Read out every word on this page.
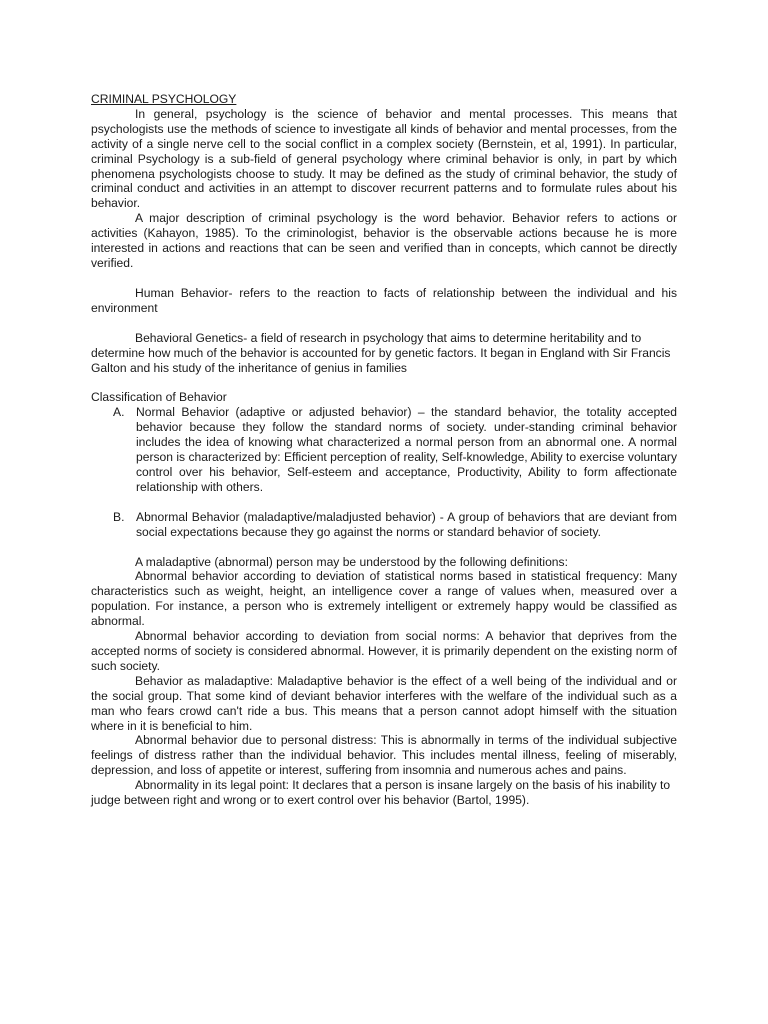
CRIMINAL PSYCHOLOGY

In general, psychology is the science of behavior and mental processes. This means that psychologists use the methods of science to investigate all kinds of behavior and mental processes, from the activity of a single nerve cell to the social conflict in a complex society (Bernstein, et al, 1991). In particular, criminal Psychology is a sub-field of general psychology where criminal behavior is only, in part by which phenomena psychologists choose to study. It may be defined as the study of criminal behavior, the study of criminal conduct and activities in an attempt to discover recurrent patterns and to formulate rules about his behavior.

A major description of criminal psychology is the word behavior. Behavior refers to actions or activities (Kahayon, 1985). To the criminologist, behavior is the observable actions because he is more interested in actions and reactions that can be seen and verified than in concepts, which cannot be directly verified.

Human Behavior- refers to the reaction to facts of relationship between the individual and his environment

Behavioral Genetics- a field of research in psychology that aims to determine heritability and to determine how much of the behavior is accounted for by genetic factors. It began in England with Sir Francis Galton and his study of the inheritance of genius in families

Classification of Behavior

A. Normal Behavior (adaptive or adjusted behavior) – the standard behavior, the totality accepted behavior because they follow the standard norms of society. under-standing criminal behavior includes the idea of knowing what characterized a normal person from an abnormal one. A normal person is characterized by: Efficient perception of reality, Self-knowledge, Ability to exercise voluntary control over his behavior, Self-esteem and acceptance, Productivity, Ability to form affectionate relationship with others.
B. Abnormal Behavior (maladaptive/maladjusted behavior) - A group of behaviors that are deviant from social expectations because they go against the norms or standard behavior of society.

A maladaptive (abnormal) person may be understood by the following definitions:

Abnormal behavior according to deviation of statistical norms based in statistical frequency: Many characteristics such as weight, height, an intelligence cover a range of values when, measured over a population. For instance, a person who is extremely intelligent or extremely happy would be classified as abnormal.

Abnormal behavior according to deviation from social norms: A behavior that deprives from the accepted norms of society is considered abnormal. However, it is primarily dependent on the existing norm of such society.

Behavior as maladaptive: Maladaptive behavior is the effect of a well being of the individual and or the social group. That some kind of deviant behavior interferes with the welfare of the individual such as a man who fears crowd can't ride a bus. This means that a person cannot adopt himself with the situation where in it is beneficial to him.

Abnormal behavior due to personal distress: This is abnormally in terms of the individual subjective feelings of distress rather than the individual behavior. This includes mental illness, feeling of miserably, depression, and loss of appetite or interest, suffering from insomnia and numerous aches and pains.

Abnormality in its legal point: It declares that a person is insane largely on the basis of his inability to judge between right and wrong or to exert control over his behavior (Bartol, 1995).
